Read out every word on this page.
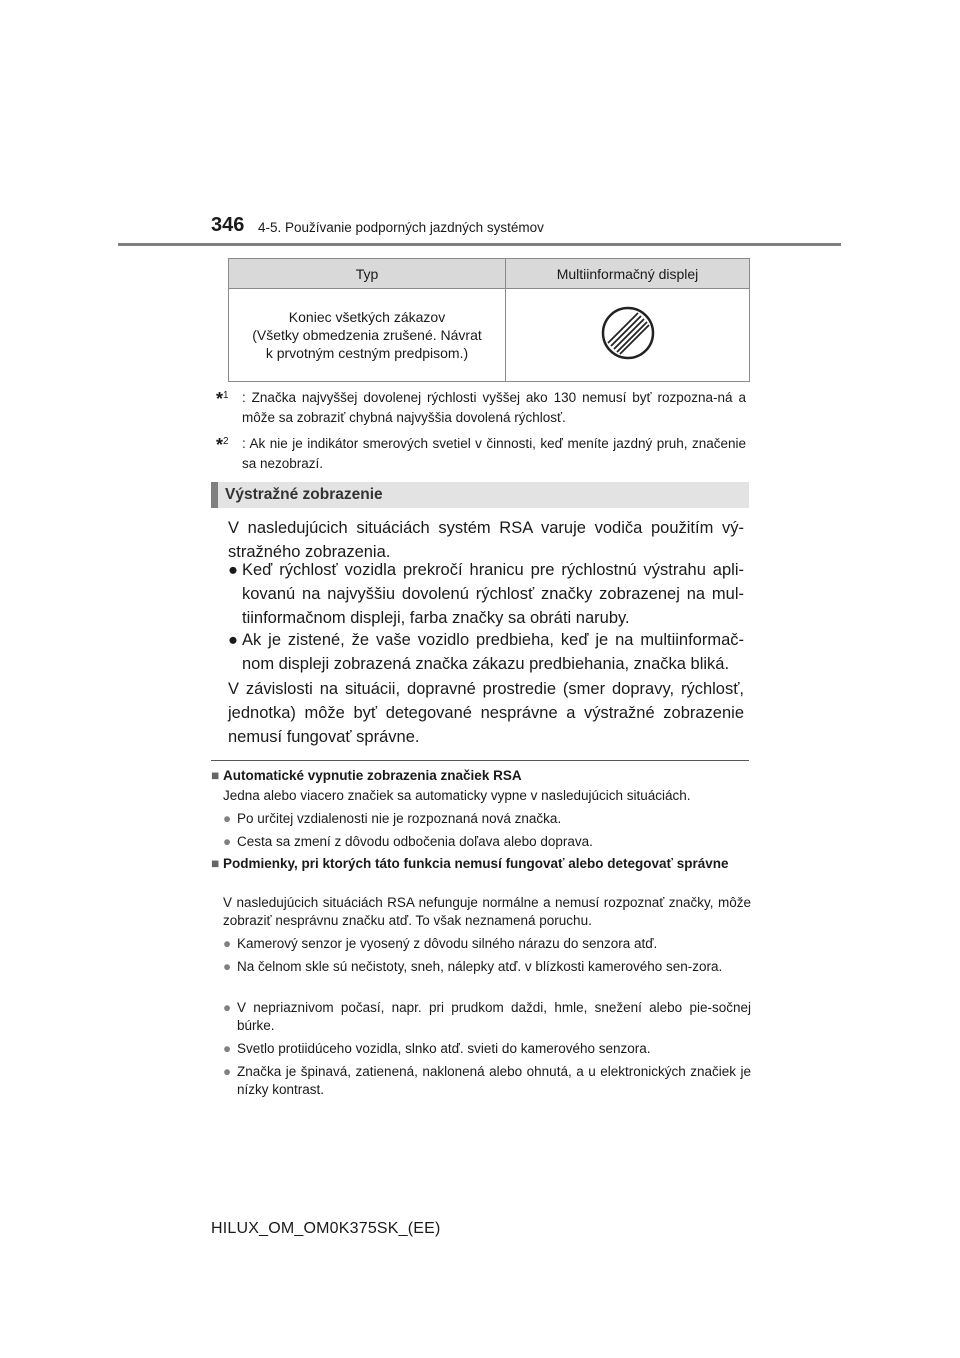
346 4-5. Používanie podporných jazdných systémov
Typ	Multiinformačný displej

Koniec všetkých zákazov
(Všetky obmedzenia zrušené. Návrat
k prvotným cestným predpisom.)

*$^1$ : Značka najvyššej dovolenej rýchlosti vyššej ako 130 nemusí byť rozpozna-ná a môže sa zobraziť chybná najvyššia dovolená rýchlosť.
*$^2$ : Ak nie je indikátor smerových svetiel v činnosti, keď meníte jazdný pruh, značenie sa nezobrazí.
Výstražné zobrazenie
V nasledujúcich situáciách systém RSA varuje vodiča použitím vý-stražného zobrazenia.
● Keď rýchlosť vozidla prekročí hranicu pre rýchlostnú výstrahu apli-kovanú na najvyššiu dovolenú rýchlosť značky zobrazenej na mul-tiinformačnom displeji, farba značky sa obráti naruby.
● Ak je zistené, že vaše vozidlo predbieha, keď je na multiinformač-nom displeji zobrazená značka zákazu predbiehania, značka bliká.
V závislosti na situácii, dopravné prostredie (smer dopravy, rýchlosť, jednotka) môže byť detegované nesprávne a výstražné zobrazenie nemusí fungovať správne.
■ Automatické vypnutie zobrazenia značiek RSA
Jedna alebo viacero značiek sa automaticky vypne v nasledujúcich situáciách.
● Po určitej vzdialenosti nie je rozpoznaná nová značka.
● Cesta sa zmení z dôvodu odbočenia doľava alebo doprava.
■ Podmienky, pri ktorých táto funkcia nemusí fungovať alebo detegovať správne
V nasledujúcich situáciách RSA nefunguje normálne a nemusí rozpoznať značky, môže zobraziť nesprávnu značku atď. To však neznamená poruchu.
● Kamerový senzor je vyosený z dôvodu silného nárazu do senzora atď.
● Na čelnom skle sú nečistoty, sneh, nálepky atď. v blízkosti kamerového sen-zora.
● V nepriaznivom počasí, napr. pri prudkom daždi, hmle, snežení alebo pie-sočnej búrke.
● Svetlo protiidúceho vozidla, slnko atď. svieti do kamerového senzora.
● Značka je špinavá, zatienená, naklonená alebo ohnutá, a u elektronických značiek je nízky kontrast.
HILUX_OM_OM0K375SK_(EE)
